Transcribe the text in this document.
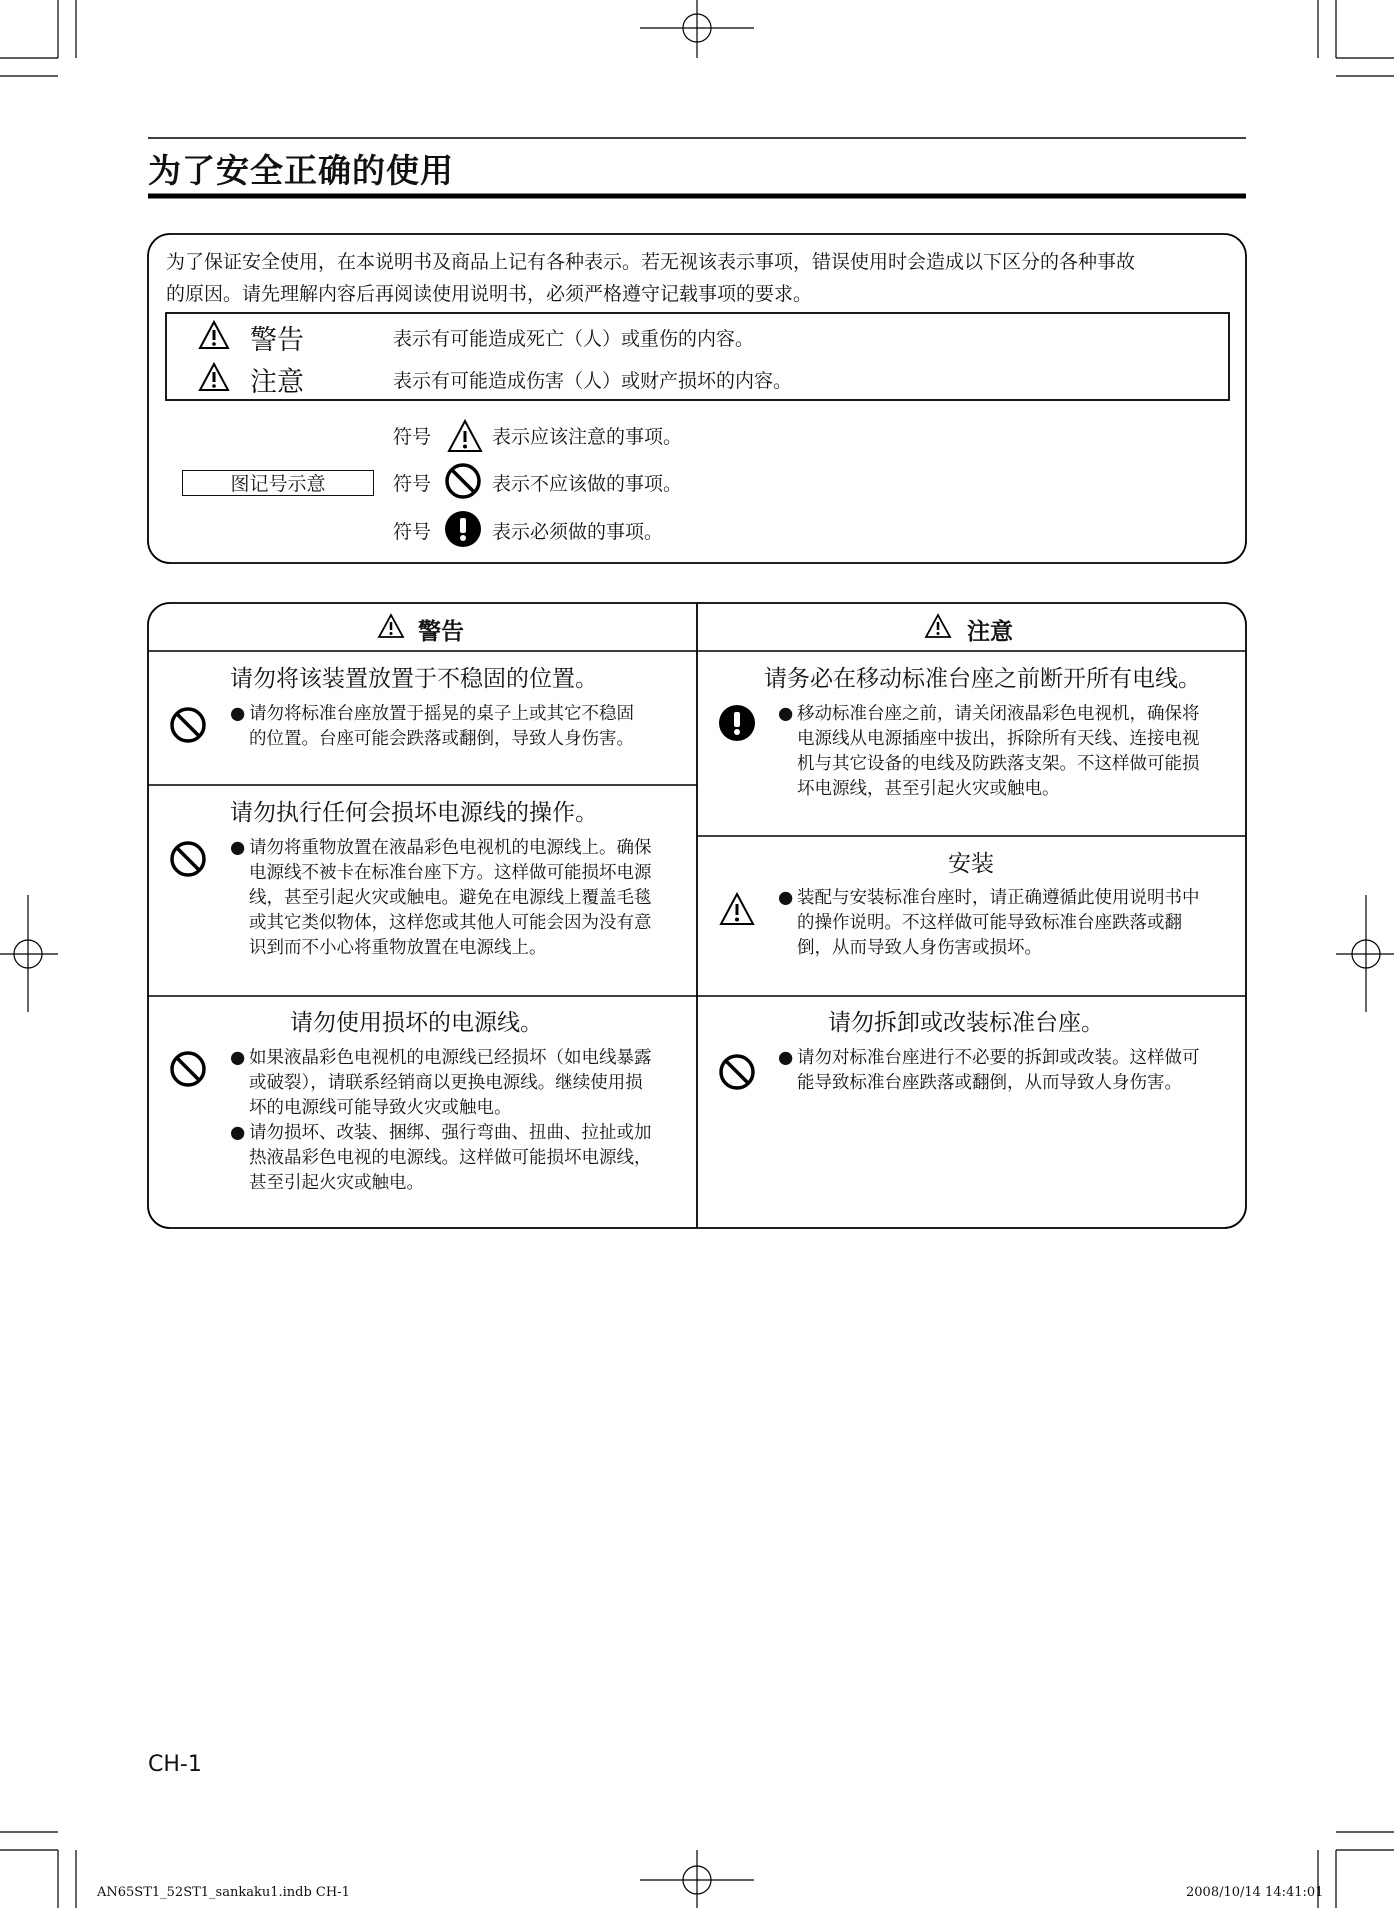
为了安全正确的使用
为了保证安全使用，在本说明书及商品上记有各种表示。若无视该表示事项，错误使用时会造成以下区分的各种事故
的原因。请先理解内容后再阅读使用说明书，必须严格遵守记载事项的要求。
警告	表示有可能造成死亡（人）或重伤的内容。
注意	表示有可能造成伤害（人）或财产损坏的内容。
图记号示意
符号	表示应该注意的事项。
符号	表示不应该做的事项。
符号	表示必须做的事项。
警告	注意
请勿将该装置放置于不稳固的位置。
● 请勿将标准台座放置于摇晃的桌子上或其它不稳固
的位置。台座可能会跌落或翻倒，导致人身伤害。
请勿执行任何会损坏电源线的操作。
● 请勿将重物放置在液晶彩色电视机的电源线上。确保
电源线不被卡在标准台座下方。这样做可能损坏电源
线，甚至引起火灾或触电。避免在电源线上覆盖毛毯
或其它类似物体，这样您或其他人可能会因为没有意
识到而不小心将重物放置在电源线上。
请勿使用损坏的电源线。
● 如果液晶彩色电视机的电源线已经损坏（如电线暴露
或破裂），请联系经销商以更换电源线。继续使用损
坏的电源线可能导致火灾或触电。
● 请勿损坏、改装、捆绑、强行弯曲、扭曲、拉扯或加
热液晶彩色电视的电源线。这样做可能损坏电源线，
甚至引起火灾或触电。
请务必在移动标准台座之前断开所有电线。
● 移动标准台座之前，请关闭液晶彩色电视机，确保将
电源线从电源插座中拔出，拆除所有天线、连接电视
机与其它设备的电线及防跌落支架。不这样做可能损
坏电源线，甚至引起火灾或触电。
安装
● 装配与安装标准台座时，请正确遵循此使用说明书中
的操作说明。不这样做可能导致标准台座跌落或翻
倒，从而导致人身伤害或损坏。
请勿拆卸或改装标准台座。
● 请勿对标准台座进行不必要的拆卸或改装。这样做可
能导致标准台座跌落或翻倒，从而导致人身伤害。
CH-1
AN65ST1_52ST1_sankaku1.indb CH-1	2008/10/14 14:41:01
